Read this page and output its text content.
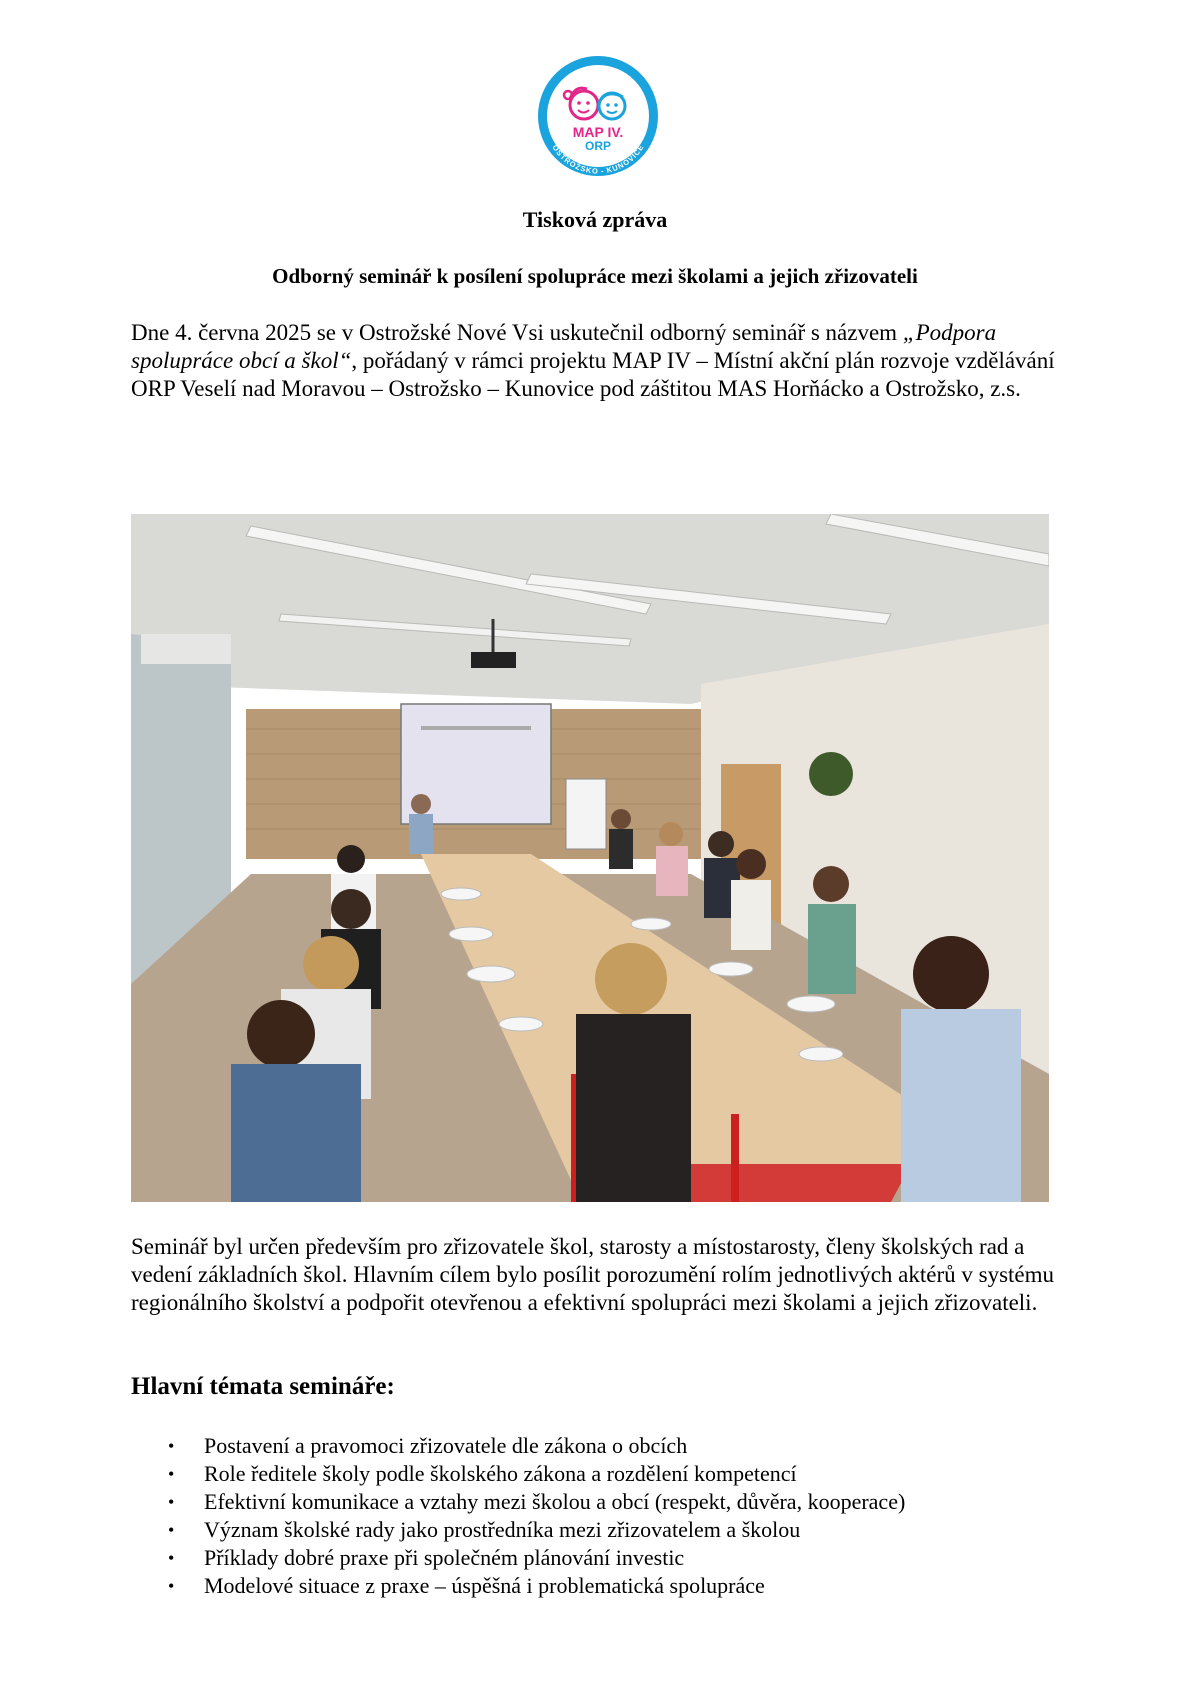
VESELÍ NAD MORAVOU
OSTROŽSKO - KUNOVICE
MAP IV.
ORP
Tisková zpráva
Odborný seminář k posílení spolupráce mezi školami a jejich zřizovateli

Dne 4. června 2025 se v Ostrožské Nové Vsi uskutečnil odborný seminář s názvem „Podpora spolupráce obcí a škol“, pořádaný v rámci projektu MAP IV – Místní akční plán rozvoje vzdělávání ORP Veselí nad Moravou – Ostrožsko – Kunovice pod záštitou MAS Horňácko a Ostrožsko, z.s.

Seminář byl určen především pro zřizovatele škol, starosty a místostarosty, členy školských rad a vedení základních škol. Hlavním cílem bylo posílit porozumění rolím jednotlivých aktérů v systému regionálního školství a podpořit otevřenou a efektivní spolupráci mezi školami a jejich zřizovateli.

Hlavní témata semináře:
• Postavení a pravomoci zřizovatele dle zákona o obcích
• Role ředitele školy podle školského zákona a rozdělení kompetencí
• Efektivní komunikace a vztahy mezi školou a obcí (respekt, důvěra, kooperace)
• Význam školské rady jako prostředníka mezi zřizovatelem a školou
• Příklady dobré praxe při společném plánování investic
• Modelové situace z praxe – úspěšná i problematická spolupráce
